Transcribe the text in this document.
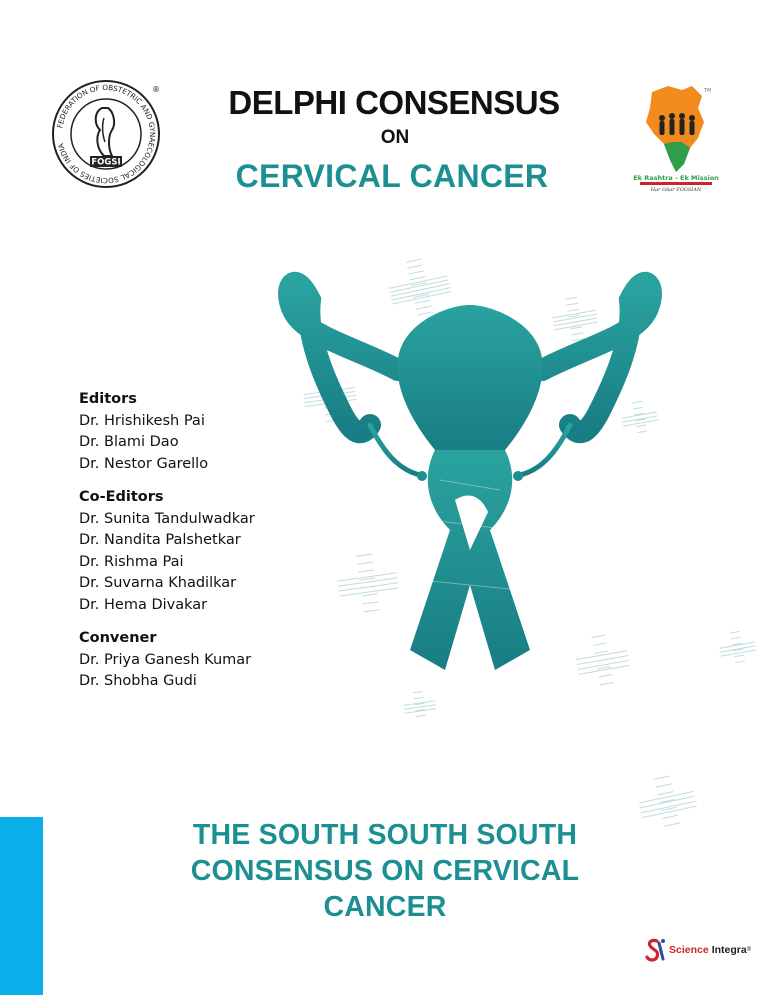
FEDERATION OF OBSTETRIC AND GYNAECOLOGICAL SOCIETIES OF INDIA
FOGSI
®	TM
Ek Rashtra - Ek Mission
Har Ghar FOGSIAN
DELPHI CONSENSUS
ON
CERVICAL CANCER
Editors
Dr. Hrishikesh Pai
Dr. Blami Dao
Dr. Nestor Garello
Co-Editors
Dr. Sunita Tandulwadkar
Dr. Nandita Palshetkar
Dr. Rishma Pai
Dr. Suvarna Khadilkar
Dr. Hema Divakar
Convener
Dr. Priya Ganesh Kumar
Dr. Shobha Gudi
THE SOUTH SOUTH SOUTH
CONSENSUS ON CERVICAL
CANCER
Science Integra ®
